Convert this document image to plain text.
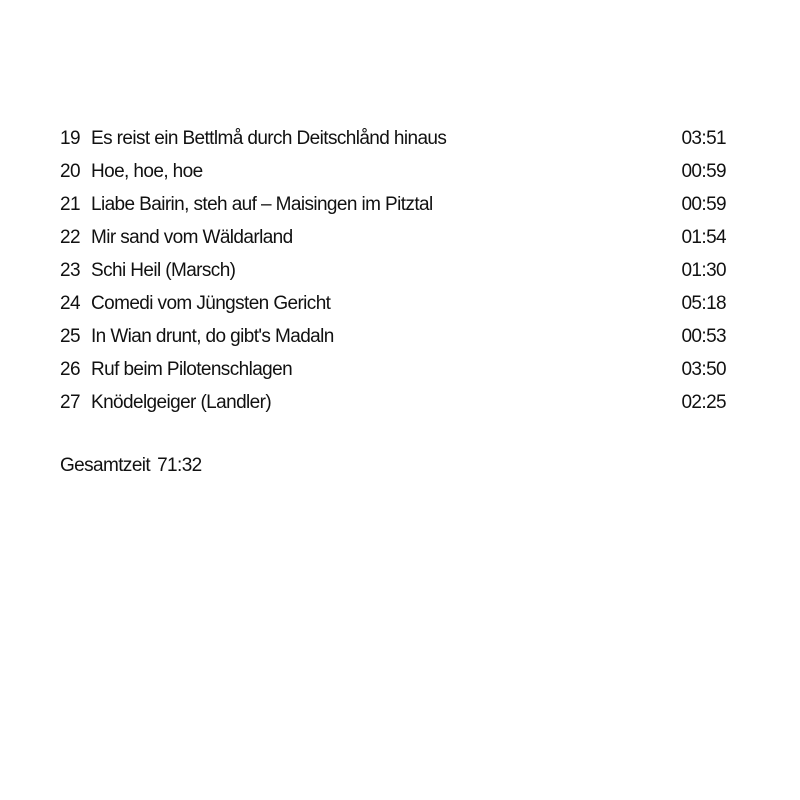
19 Es reist ein Bettlmå durch Deitschlånd hinaus	03:51
20 Hoe, hoe, hoe	00:59
21 Liabe Bairin, steh auf – Maisingen im Pitztal	00:59
22 Mir sand vom Wäldarland	01:54
23 Schi Heil (Marsch)	01:30
24 Comedi vom Jüngsten Gericht	05:18
25 In Wian drunt, do gibt's Madaln	00:53
26 Ruf beim Pilotenschlagen	03:50
27 Knödelgeiger (Landler)	02:25
Gesamtzeit 71:32
